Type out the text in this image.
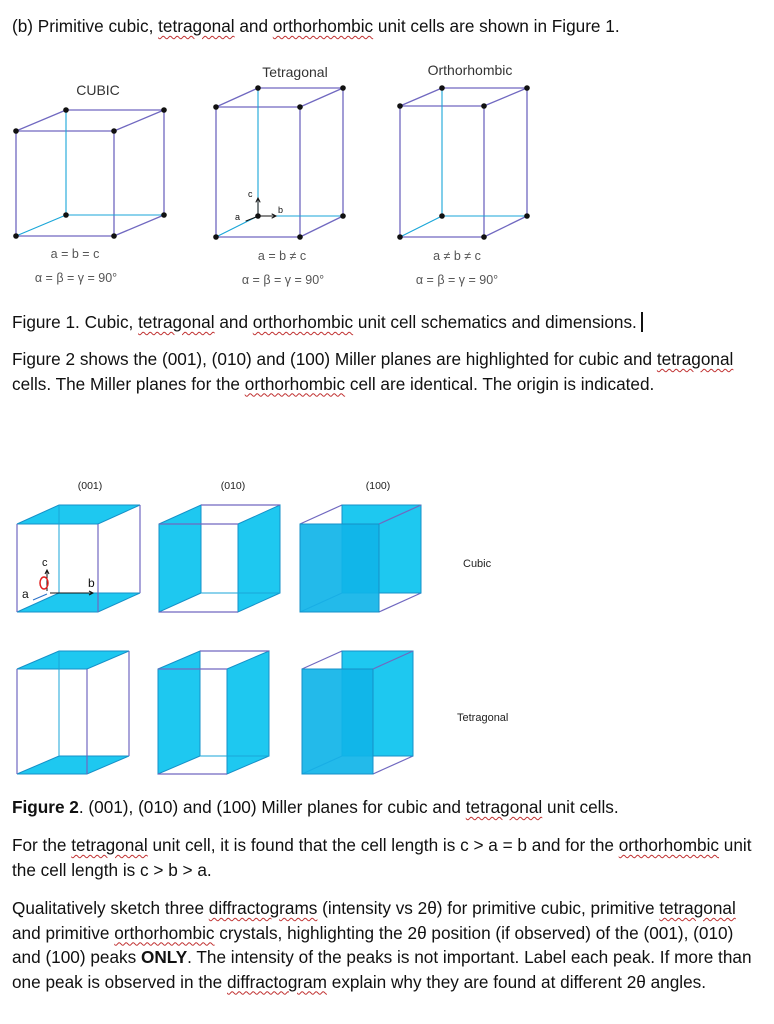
(b) Primitive cubic, tetragonal and orthorhombic unit cells are shown in Figure 1.

CUBIC
Tetragonal	Orthorhombic
c
b
a
a = b = c
α = β = γ = 90°
a = b ≠ c
α = β = γ = 90°
a ≠ b ≠ c
α = β = γ = 90°

Figure 1. Cubic, tetragonal and orthorhombic unit cell schematics and dimensions.

Figure 2 shows the (001), (010) and (100) Miller planes are highlighted for cubic and tetragonal cells. The Miller planes for the orthorhombic cell are identical. The origin is indicated.

(001)	(010)	(100)
c
b
a
Cubic
Tetragonal

Figure 2. (001), (010) and (100) Miller planes for cubic and tetragonal unit cells.

For the tetragonal unit cell, it is found that the cell length is c > a = b and for the orthorhombic unit the cell length is c > b > a.

Qualitatively sketch three diffractograms (intensity vs 2θ) for primitive cubic, primitive tetragonal and primitive orthorhombic crystals, highlighting the 2θ position (if observed) of the (001), (010) and (100) peaks ONLY. The intensity of the peaks is not important. Label each peak. If more than one peak is observed in the diffractogram explain why they are found at different 2θ angles.
